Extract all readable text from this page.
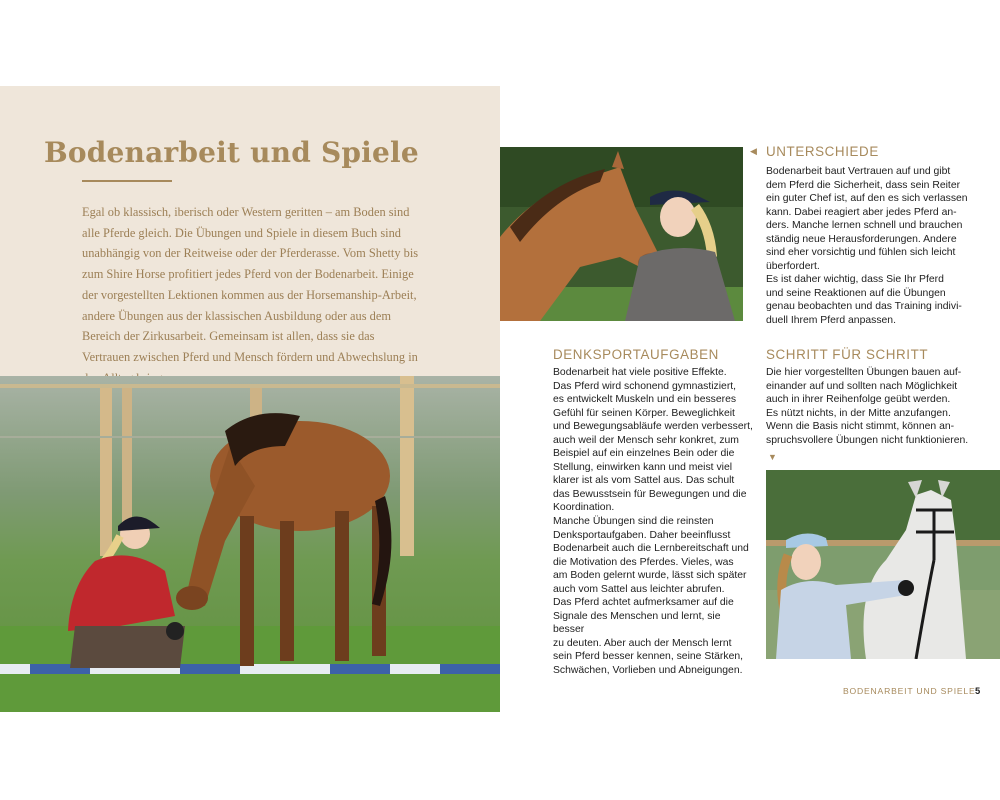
Bodenarbeit und Spiele

Egal ob klassisch, iberisch oder Western geritten – am Boden sind alle Pferde gleich. Die Übungen und Spiele in diesem Buch sind unabhängig von der Reitweise oder der Pferderasse. Vom Shetty bis zum Shire Horse profitiert jedes Pferd von der Bodenarbeit. Einige der vorgestellten Lektionen kommen aus der Horsemanship-Arbeit, andere Übungen aus der klassischen Ausbildung oder aus dem Bereich der Zirkusarbeit. Gemeinsam ist allen, dass sie das Vertrauen zwischen Pferd und Mensch fördern und Abwechslung in

◀ UNTERSCHIEDE

Bodenarbeit baut Vertrauen auf und gibt
dem Pferd die Sicherheit, dass sein Reiter
ein guter Chef ist, auf den es sich verlassen
kann. Dabei reagiert aber jedes Pferd an-
ders. Manche lernen schnell und brauchen
ständig neue Herausforderungen. Andere
sind eher vorsichtig und fühlen sich leicht
überfordert.
Es ist daher wichtig, dass Sie Ihr Pferd
und seine Reaktionen auf die Übungen
genau beobachten und das Training indivi-
duell Ihrem Pferd anpassen.

DENKSPORTAUFGABEN

Bodenarbeit hat viele positive Effekte.
Das Pferd wird schonend gymnastiziert,
es entwickelt Muskeln und ein besseres
Gefühl für seinen Körper. Beweglichkeit
und Bewegungsabläufe werden verbessert,
auch weil der Mensch sehr konkret, zum
Beispiel auf ein einzelnes Bein oder die
Stellung, einwirken kann und meist viel
klarer ist als vom Sattel aus. Das schult
das Bewusstsein für Bewegungen und die
Koordination.
Manche Übungen sind die reinsten
Denksportaufgaben. Daher beeinflusst
Bodenarbeit auch die Lernbereitschaft und
die Motivation des Pferdes. Vieles, was
am Boden gelernt wurde, lässt sich später
auch vom Sattel aus leichter abrufen.
Das Pferd achtet aufmerksamer auf die
Signale des Menschen und lernt, sie besser
zu deuten. Aber auch der Mensch lernt
sein Pferd besser kennen, seine Stärken,
Schwächen, Vorlieben und Abneigungen.

SCHRITT FÜR SCHRITT

Die hier vorgestellten Übungen bauen auf-
einander auf und sollten nach Möglichkeit
auch in ihrer Reihenfolge geübt werden.
Es nützt nichts, in der Mitte anzufangen.
Wenn die Basis nicht stimmt, können an-
spruchsvollere Übungen nicht funktionieren.

▼
BODENARBEIT UND SPIELE 5
